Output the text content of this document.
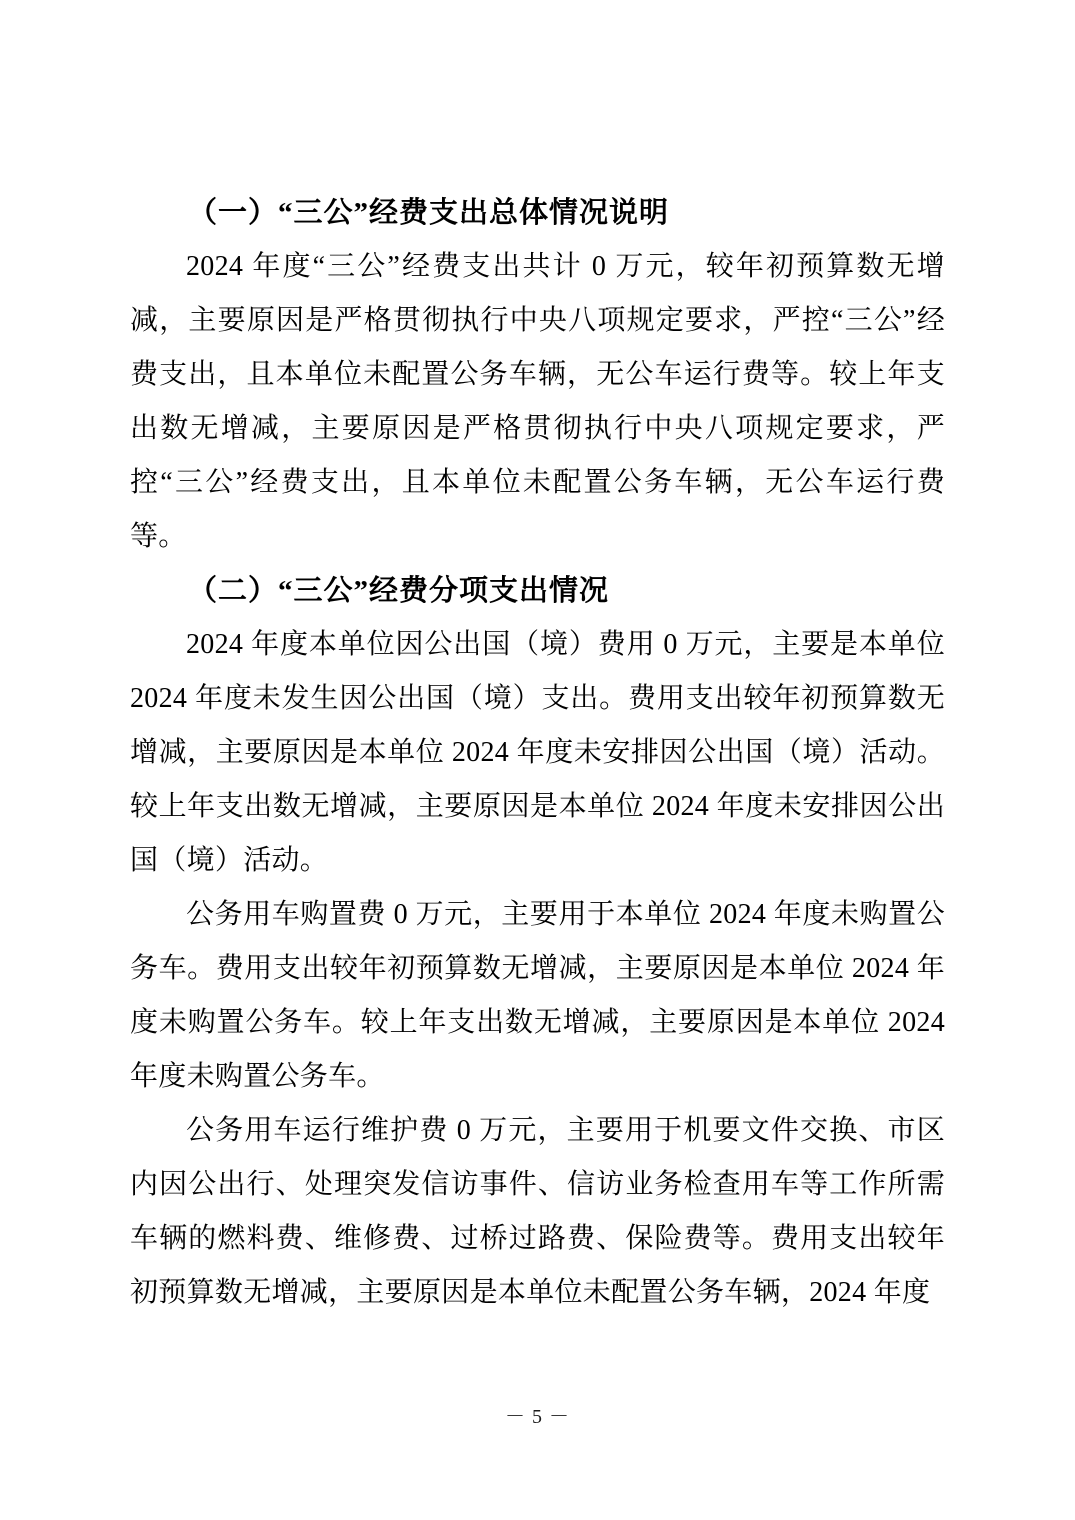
（一）“三公”经费支出总体情况说明

2024 年度“三公”经费支出共计 0 万元，较年初预算数无增减，主要原因是严格贯彻执行中央八项规定要求，严控“三公”经费支出，且本单位未配置公务车辆，无公车运行费等。较上年支出数无增减，主要原因是严格贯彻执行中央八项规定要求，严控“三公”经费支出，且本单位未配置公务车辆，无公车运行费等。

（二）“三公”经费分项支出情况

2024 年度本单位因公出国（境）费用 0 万元，主要是本单位 2024 年度未发生因公出国（境）支出。费用支出较年初预算数无增减，主要原因是本单位 2024 年度未安排因公出国（境）活动。较上年支出数无增减，主要原因是本单位 2024 年度未安排因公出国（境）活动。

公务用车购置费 0 万元，主要用于本单位 2024 年度未购置公务车。费用支出较年初预算数无增减，主要原因是本单位 2024 年度未购置公务车。较上年支出数无增减，主要原因是本单位 2024 年度未购置公务车。

公务用车运行维护费 0 万元，主要用于机要文件交换、市区内因公出行、处理突发信访事件、信访业务检查用车等工作所需车辆的燃料费、维修费、过桥过路费、保险费等。费用支出较年初预算数无增减，主要原因是本单位未配置公务车辆，2024 年度

－ 5 －
